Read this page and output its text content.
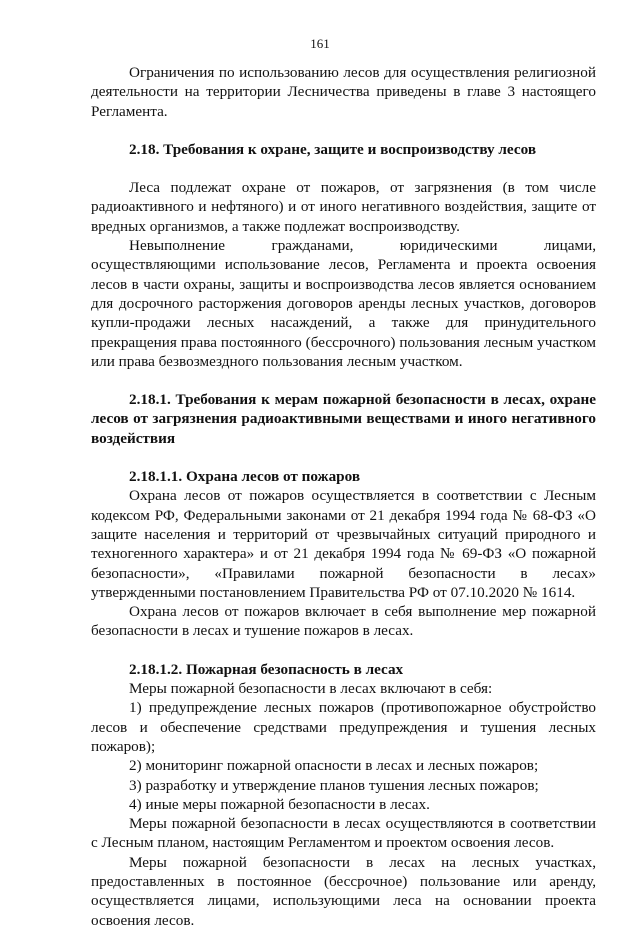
161

Ограничения по использованию лесов для осуществления религиозной деятельности на территории Лесничества приведены в главе 3 настоящего Регламента.

2.18. Требования к охране, защите и воспроизводству лесов

Леса подлежат охране от пожаров, от загрязнения (в том числе радиоактивного и нефтяного) и от иного негативного воздействия, защите от вредных организмов, а также подлежат воспроизводству.

Невыполнение гражданами, юридическими лицами, осуществляющими использование лесов, Регламента и проекта освоения лесов в части охраны, защиты и воспроизводства лесов является основанием для досрочного расторжения договоров аренды лесных участков, договоров купли-продажи лесных насаждений, а также для принудительного прекращения права постоянного (бессрочного) пользования лесным участком или права безвозмездного пользования лесным участком.

2.18.1. Требования к мерам пожарной безопасности в лесах, охране лесов от загрязнения радиоактивными веществами и иного негативного воздействия
2.18.1.1. Охрана лесов от пожаров

Охрана лесов от пожаров осуществляется в соответствии с Лесным кодексом РФ, Федеральными законами от 21 декабря 1994 года № 68-ФЗ «О защите населения и территорий от чрезвычайных ситуаций природного и техногенного характера» и от 21 декабря 1994 года № 69-ФЗ «О пожарной безопасности», «Правилами пожарной безопасности в лесах» утвержденными постановлением Правительства РФ от 07.10.2020 № 1614.

Охрана лесов от пожаров включает в себя выполнение мер пожарной безопасности в лесах и тушение пожаров в лесах.

2.18.1.2. Пожарная безопасность в лесах

Меры пожарной безопасности в лесах включают в себя:

1) предупреждение лесных пожаров (противопожарное обустройство лесов и обеспечение средствами предупреждения и тушения лесных пожаров);

2) мониторинг пожарной опасности в лесах и лесных пожаров;

3) разработку и утверждение планов тушения лесных пожаров;

4) иные меры пожарной безопасности в лесах.

Меры пожарной безопасности в лесах осуществляются в соответствии с Лесным планом, настоящим Регламентом и проектом освоения лесов.

Меры пожарной безопасности в лесах на лесных участках, предоставленных в постоянное (бессрочное) пользование или аренду, осуществляется лицами, использующими леса на основании проекта освоения лесов.
